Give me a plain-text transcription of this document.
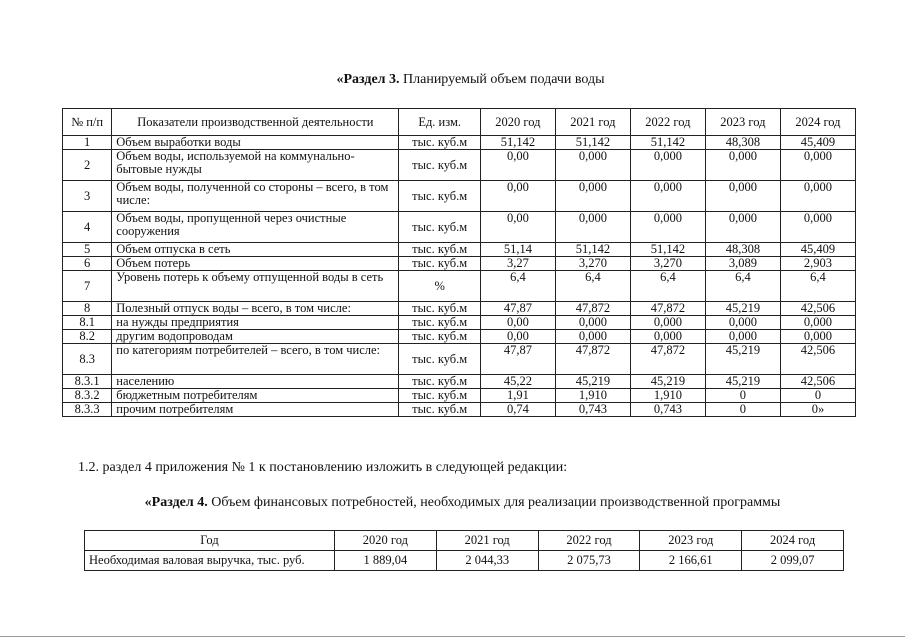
«Раздел 3. Планируемый объем подачи воды
№ п/п	Показатели производственной деятельности	Ед. изм.	2020 год	2021 год	2022 год	2023 год	2024 год
1	Объем выработки воды	тыс. куб.м	51,142	51,142	51,142	48,308	45,409
2	Объем воды, используемой на коммунально-бытовые нужды	тыс. куб.м	0,00	0,000	0,000	0,000	0,000
3	Объем воды, полученной со стороны – всего, в том числе:	тыс. куб.м	0,00	0,000	0,000	0,000	0,000
4	Объем воды, пропущенной через очистные сооружения	тыс. куб.м	0,00	0,000	0,000	0,000	0,000
5	Объем отпуска в сеть	тыс. куб.м	51,14	51,142	51,142	48,308	45,409
6	Объем потерь	тыс. куб.м	3,27	3,270	3,270	3,089	2,903
7	Уровень потерь к объему отпущенной воды в сеть	%	6,4	6,4	6,4	6,4	6,4
8	Полезный отпуск воды – всего, в том числе:	тыс. куб.м	47,87	47,872	47,872	45,219	42,506
8.1	на нужды предприятия	тыс. куб.м	0,00	0,000	0,000	0,000	0,000
8.2	другим водопроводам	тыс. куб.м	0,00	0,000	0,000	0,000	0,000
8.3	по категориям потребителей – всего, в том числе:	тыс. куб.м	47,87	47,872	47,872	45,219	42,506
8.3.1	населению	тыс. куб.м	45,22	45,219	45,219	45,219	42,506
8.3.2	бюджетным потребителям	тыс. куб.м	1,91	1,910	1,910	0	0
8.3.3	прочим потребителям	тыс. куб.м	0,74	0,743	0,743	0	0»
1.2. раздел 4 приложения № 1 к постановлению изложить в следующей редакции:
«Раздел 4. Объем финансовых потребностей, необходимых для реализации производственной программы
Год	2020 год	2021 год	2022 год	2023 год	2024 год
Необходимая валовая выручка, тыс. руб.	1 889,04	2 044,33	2 075,73	2 166,61	2 099,07
